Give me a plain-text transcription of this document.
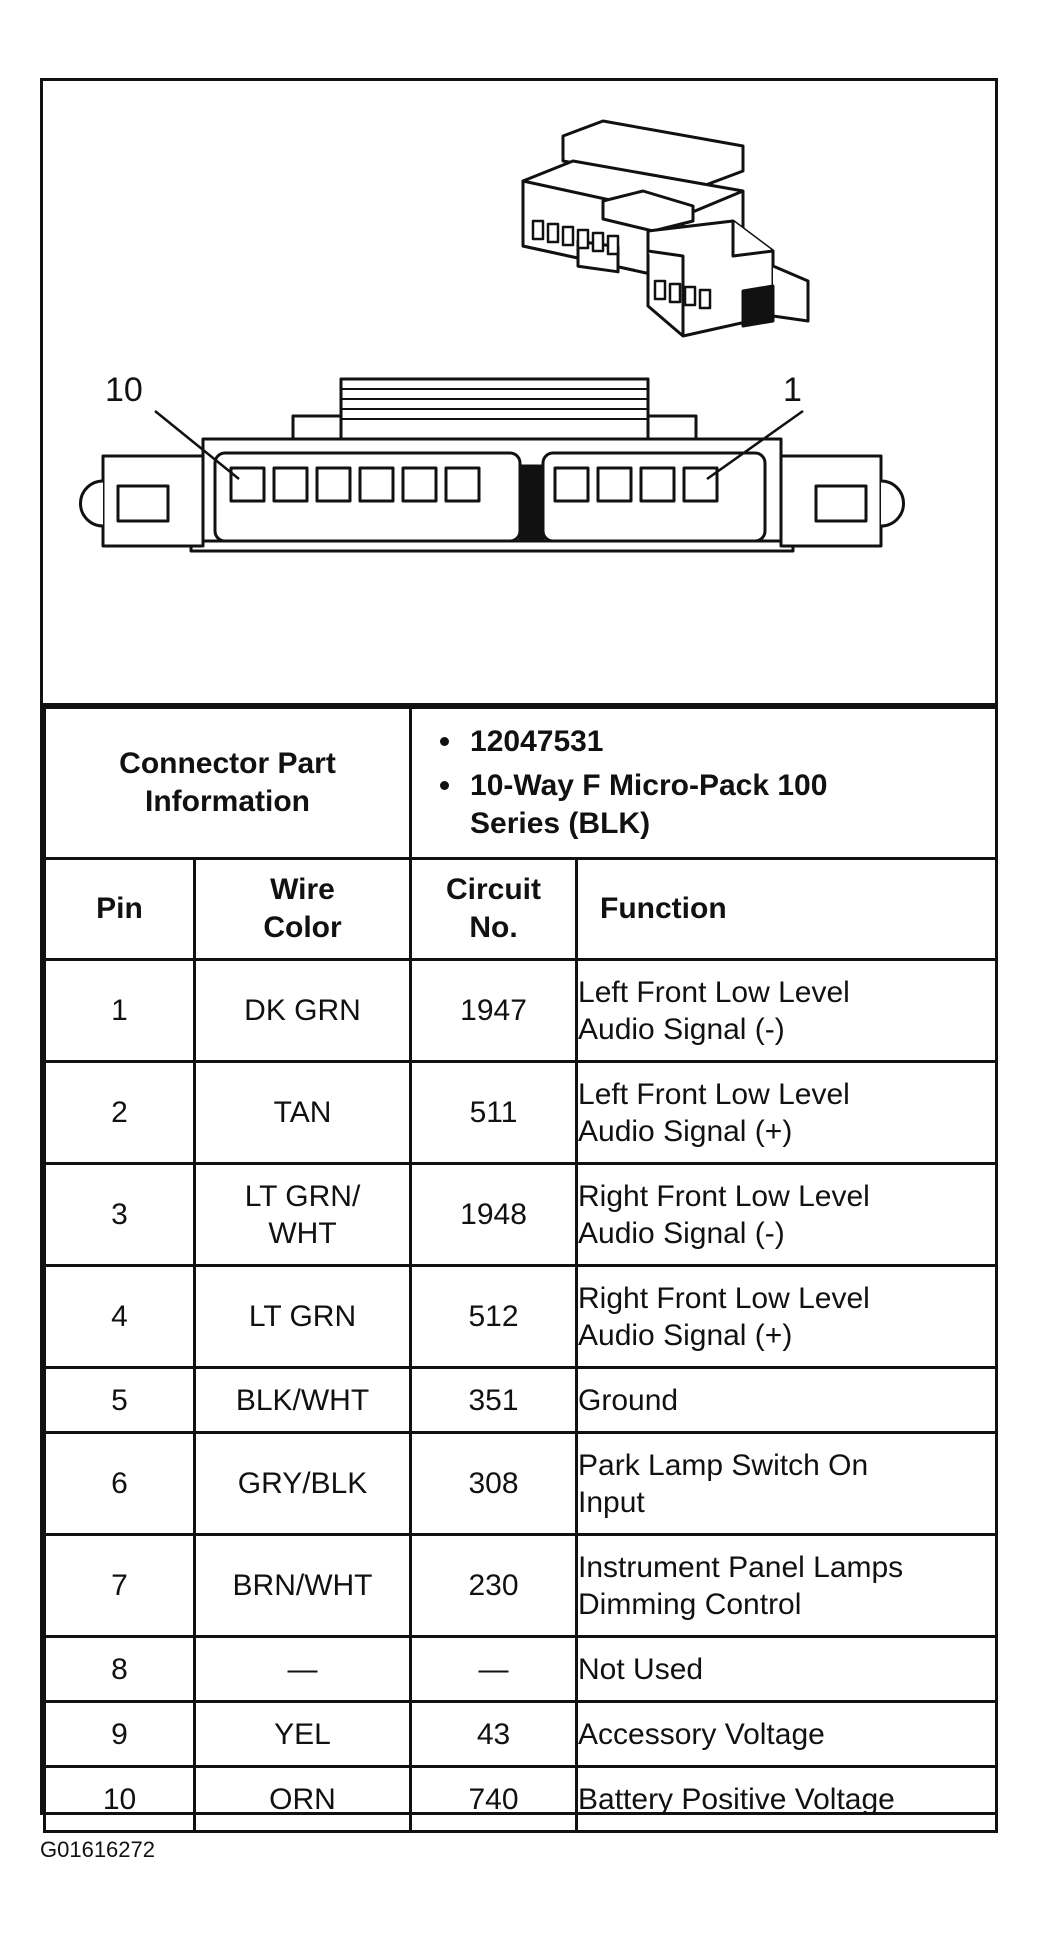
10	1
Connector Part Information		12047531
10-Way F Micro-Pack 100 Series (BLK)	

Pin	Wire Color	Circuit No.	Function
1	DK GRN	1947	Left Front Low Level Audio Signal (-)

2	TAN	511	Left Front Low Level Audio Signal (+)

3	LT GRN/ WHT	1948	Right Front Low Level Audio Signal (-)

4	LT GRN	512	Right Front Low Level Audio Signal (+)

5	BLK/WHT	351	Ground
6	GRY/BLK	308	Park Lamp Switch On Input

7	BRN/WHT	230	Instrument Panel Lamps Dimming Control

8	—	—	Not Used
9	YEL	43	Accessory Voltage
10	ORN	740	Battery Positive Voltage
G01616272
